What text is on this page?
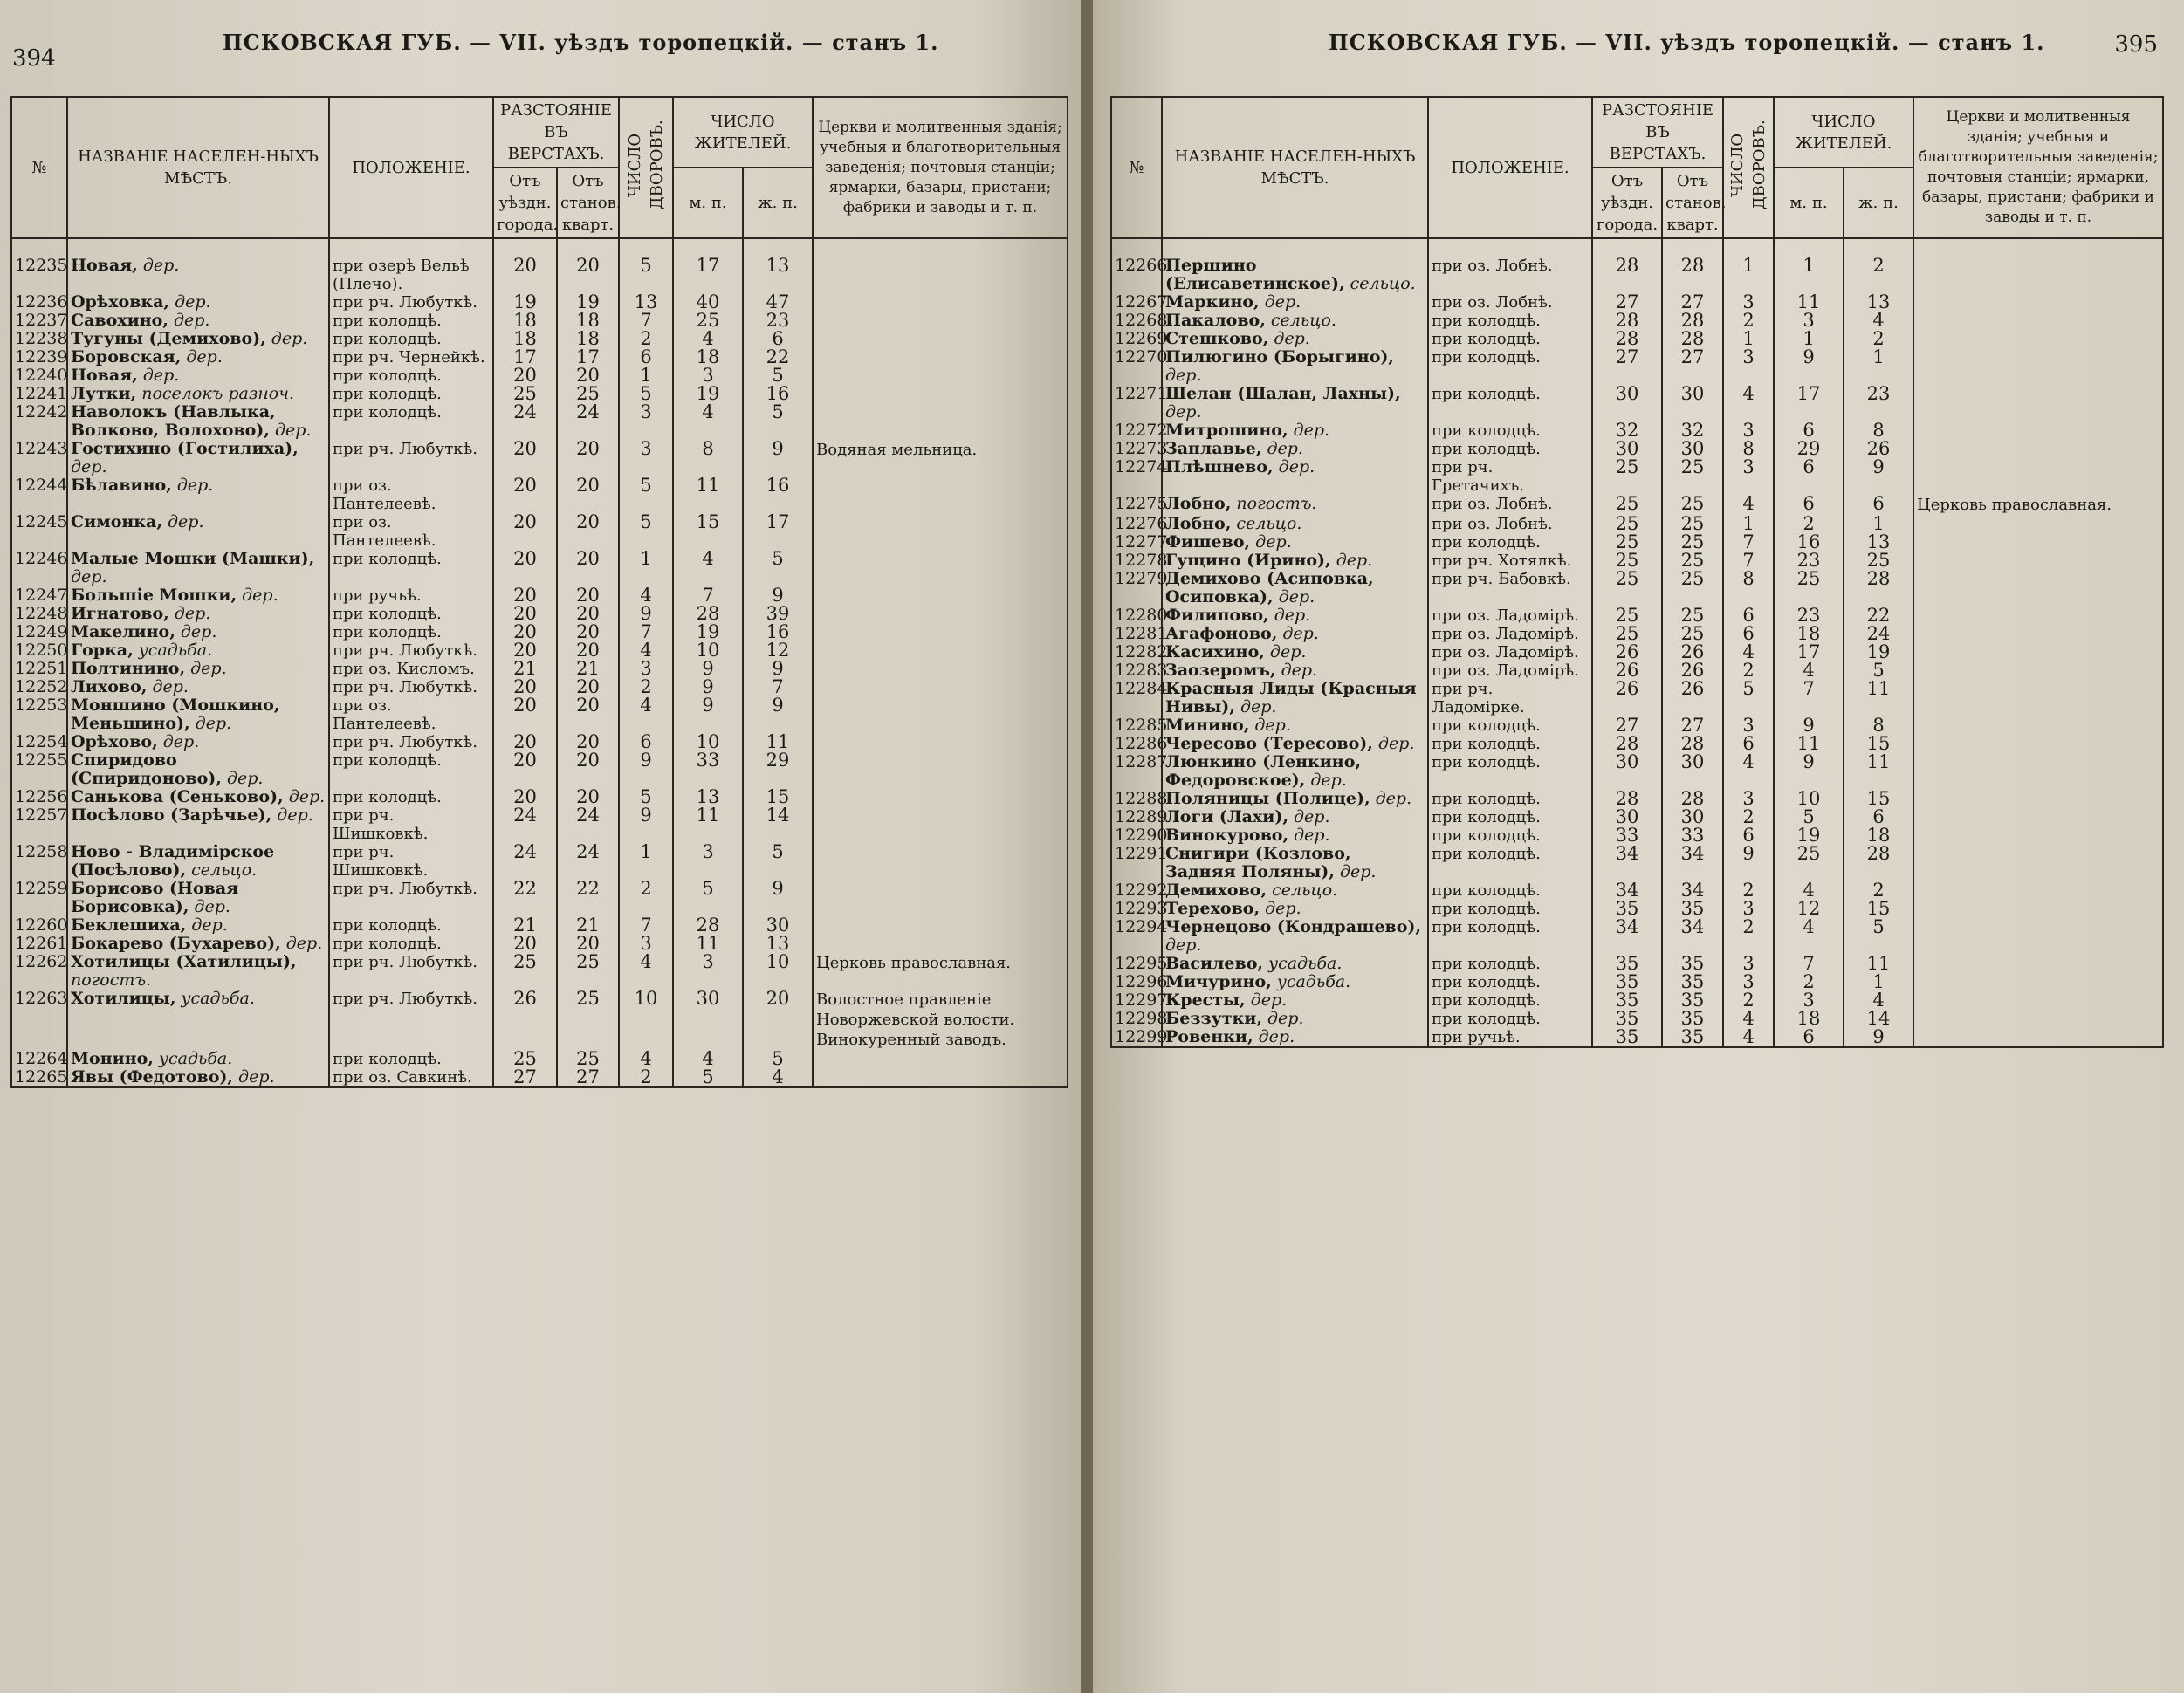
394
ПСКОВСКАЯ ГУБ. — VII. уѣздъ торопецкій. — станъ 1.
№	НАЗВАНІЕ НАСЕЛЕН-НЫХЪ МѢСТЪ.	ПОЛОЖЕНІЕ.	РАЗСТОЯНІЕ ВЪ ВЕРСТАХЪ.		ЧИСЛО ДВОРОВЪ.	ЧИСЛО ЖИТЕЛЕЙ.		Церкви и молитвенныя зданія; учебныя и благотворительныя заведенія; почтовыя станціи; ярмарки, базары, пристани; фабрики и заводы и т. п.	
			Отъ уѣздн. города.	Отъ станов. кварт.		м. п.	ж. п.		

12235	Новая, дер.	при озерѣ Вельѣ (Плечо).	20	20	5	17	13		
12236	Орѣховка, дер.	при рч. Любуткѣ.	19	19	13	40	47		
12237	Савохино, дер.	при колодцѣ.	18	18	7	25	23		
12238	Тугуны (Демихово), дер.	при колодцѣ.	18	18	2	4	6		
12239	Боровская, дер.	при рч. Чернейкѣ.	17	17	6	18	22		
12240	Новая, дер.	при колодцѣ.	20	20	1	3	5		
12241	Лутки, поселокъ разноч.	при колодцѣ.	25	25	5	19	16		
12242	Наволокъ (Навлыка, Волково, Волохово), дер.	при колодцѣ.	24	24	3	4	5		
12243	Гостихино (Гостилиха), дер.	при рч. Любуткѣ.	20	20	3	8	9	Водяная мельница.	
12244	Бѣлавино, дер.	при оз. Пантелеевѣ.	20	20	5	11	16		
12245	Симонка, дер.	при оз. Пантелеевѣ.	20	20	5	15	17		
12246	Малые Мошки (Машки), дер.	при колодцѣ.	20	20	1	4	5		
12247	Большіе Мошки, дер.	при ручьѣ.	20	20	4	7	9		
12248	Игнатово, дер.	при колодцѣ.	20	20	9	28	39		
12249	Макелино, дер.	при колодцѣ.	20	20	7	19	16		
12250	Горка, усадьба.	при рч. Любуткѣ.	20	20	4	10	12		
12251	Полтинино, дер.	при оз. Кисломъ.	21	21	3	9	9		
12252	Лихово, дер.	при рч. Любуткѣ.	20	20	2	9	7		
12253	Моншино (Мошкино, Меньшино), дер.	при оз. Пантелеевѣ.	20	20	4	9	9		
12254	Орѣхово, дер.	при рч. Любуткѣ.	20	20	6	10	11		
12255	Спиридово (Спиридоново), дер.	при колодцѣ.	20	20	9	33	29		
12256	Санькова (Сеньково), дер.	при колодцѣ.	20	20	5	13	15		
12257	Посѣлово (Зарѣчье), дер.	при рч. Шишковкѣ.	24	24	9	11	14		
12258	Ново - Владимірское (Посѣлово), сельцо.	при рч. Шишковкѣ.	24	24	1	3	5		
12259	Борисово (Новая Борисовка), дер.	при рч. Любуткѣ.	22	22	2	5	9		
12260	Беклешиха, дер.	при колодцѣ.	21	21	7	28	30		
12261	Бокарево (Бухарево), дер.	при колодцѣ.	20	20	3	11	13		
12262	Хотилицы (Хатилицы), погостъ.	при рч. Любуткѣ.	25	25	4	3	10	Церковь православная.	
12263	Хотилицы, усадьба.	при рч. Любуткѣ.	26	25	10	30	20	Волостное правленіе Новоржевской волости. Винокуренный заводъ.	
12264	Монино, усадьба.	при колодцѣ.	25	25	4	4	5		
12265	Явы (Федотово), дер.	при оз. Савкинѣ.	27	27	2	5	4		
ПСКОВСКАЯ ГУБ. — VII. уѣздъ торопецкій. — станъ 1.	395
№	НАЗВАНІЕ НАСЕЛЕН-НЫХЪ МѢСТЪ.	ПОЛОЖЕНІЕ.	РАЗСТОЯНІЕ ВЪ ВЕРСТАХЪ.		ЧИСЛО ДВОРОВЪ.	ЧИСЛО ЖИТЕЛЕЙ.		Церкви и молитвенныя зданія; учебныя и благотворительныя заведенія; почтовыя станціи; ярмарки, базары, пристани; фабрики и заводы и т. п.	
			Отъ уѣздн. города.	Отъ станов. кварт.		м. п.	ж. п.		

12266	Першино (Елисаветинское), сельцо.	при оз. Лобнѣ.	28	28	1	1	2		
12267	Маркино, дер.	при оз. Лобнѣ.	27	27	3	11	13		
12268	Пакалово, сельцо.	при колодцѣ.	28	28	2	3	4		
12269	Стешково, дер.	при колодцѣ.	28	28	1	1	2		
12270	Пилюгино (Борыгино), дер.	при колодцѣ.	27	27	3	9	1		
12271	Шелан (Шалан, Лахны), дер.	при колодцѣ.	30	30	4	17	23		
12272	Митрошино, дер.	при колодцѣ.	32	32	3	6	8		
12273	Заплавье, дер.	при колодцѣ.	30	30	8	29	26		
12274	Плѣшнево, дер.	при рч. Гретачихъ.	25	25	3	6	9		
12275	Лобно, погостъ.	при оз. Лобнѣ.	25	25	4	6	6	Церковь православная.	
12276	Лобно, сельцо.	при оз. Лобнѣ.	25	25	1	2	1		
12277	Фишево, дер.	при колодцѣ.	25	25	7	16	13		
12278	Гущино (Ирино), дер.	при рч. Хотялкѣ.	25	25	7	23	25		
12279	Демихово (Асиповка, Осиповка), дер.	при рч. Бабовкѣ.	25	25	8	25	28		
12280	Филипово, дер.	при оз. Ладомірѣ.	25	25	6	23	22		
12281	Агафоново, дер.	при оз. Ладомірѣ.	25	25	6	18	24		
12282	Касихино, дер.	при оз. Ладомірѣ.	26	26	4	17	19		
12283	Заозеромъ, дер.	при оз. Ладомірѣ.	26	26	2	4	5		
12284	Красныя Лиды (Красныя Нивы), дер.	при рч. Ладомірке.	26	26	5	7	11		
12285	Минино, дер.	при колодцѣ.	27	27	3	9	8		
12286	Чересово (Тересово), дер.	при колодцѣ.	28	28	6	11	15		
12287	Люнкино (Ленкино, Федоровское), дер.	при колодцѣ.	30	30	4	9	11		
12288	Поляницы (Полице), дер.	при колодцѣ.	28	28	3	10	15		
12289	Логи (Лахи), дер.	при колодцѣ.	30	30	2	5	6		
12290	Винокурово, дер.	при колодцѣ.	33	33	6	19	18		
12291	Снигири (Козлово, Задняя Поляны), дер.	при колодцѣ.	34	34	9	25	28		
12292	Демихово, сельцо.	при колодцѣ.	34	34	2	4	2		
12293	Терехово, дер.	при колодцѣ.	35	35	3	12	15		
12294	Чернецово (Кондрашево), дер.	при колодцѣ.	34	34	2	4	5		
12295	Василево, усадьба.	при колодцѣ.	35	35	3	7	11		
12296	Мичурино, усадьба.	при колодцѣ.	35	35	3	2	1		
12297	Кресты, дер.	при колодцѣ.	35	35	2	3	4		
12298	Беззутки, дер.	при колодцѣ.	35	35	4	18	14		
12299	Ровенки, дер.	при ручьѣ.	35	35	4	6	9		
